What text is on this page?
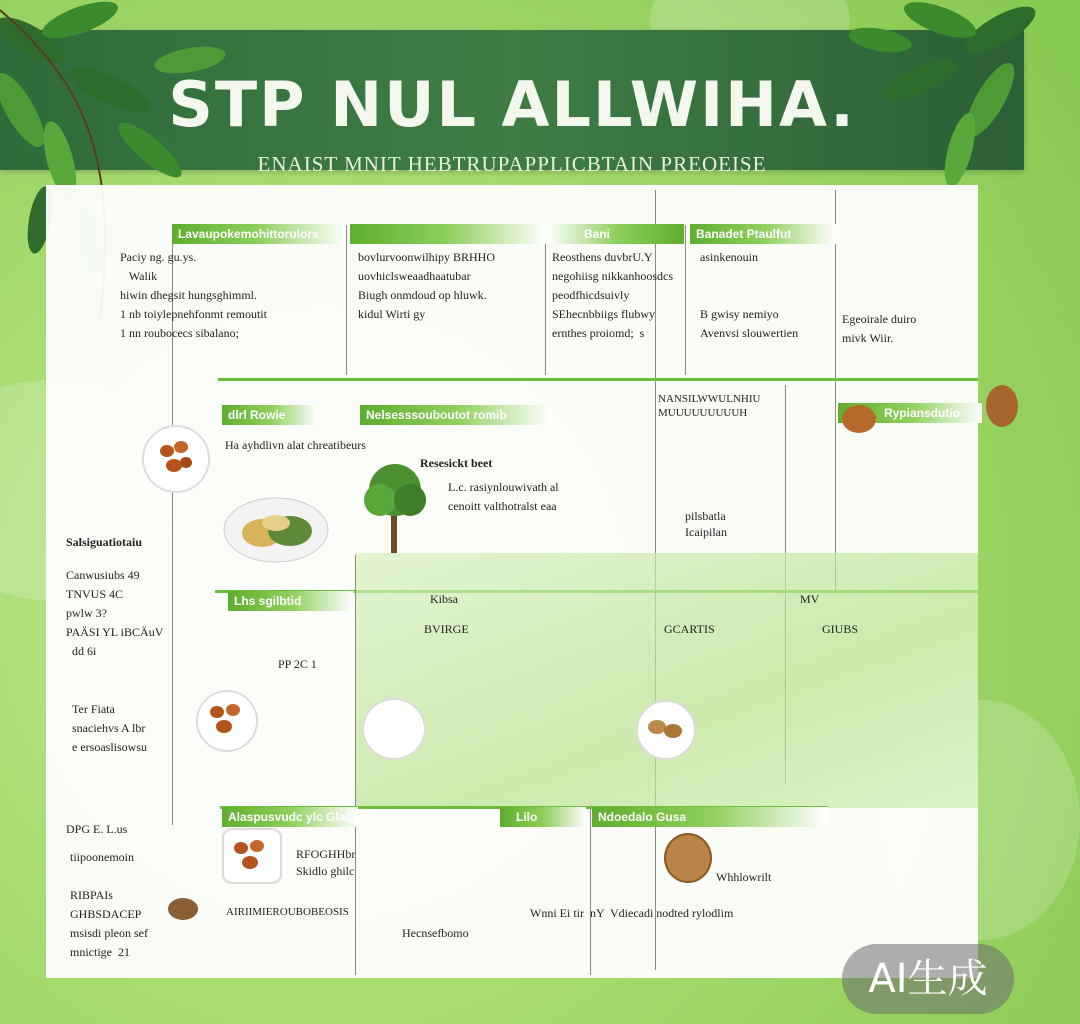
STP NUL ALLWIHA.
ENAIST MNIT HEBTRUPAPPLICBTAIN PREOEISE
Lavaupokemohittorulors
Paciy ng. gu.ys.
Walik
hiwin dhegsit hungsghimml.
1 nb toiylepnehfonmt remoutit
1 nn roubocecs sibalano;
bovlurvoonwilhipy BRHHO
uovhiclsweaadhaatubar
Biugh onmdoud op hluwk.
kidul Wirti gy
Bani
Reosthens duvbrU.Y
negohiisg nikkanhoosdcs
peodfhicdsuivly
SEhecnbbiigs flubwy
ernthes proiomd;  s
Banadet Ptaulfut
asinkenouin

B gwisy nemiyo
Avenvsi slouwertien
Egeoirale duiro
mivk Wiir.
dlrl Rowie	Nelsesssouboutot romib
Ha ayhdlivn alat chreatibeurs
Resesickt beet
L.c. rasiynlouwivath al
cenoitt valthotralst eaa
NANSILWWULNHIU
MUUUUUUUUUH
pilsbatla
Icaipilan
Rypiansdutio
Lhs sgilbtid	Kibsa	MV
BVIRGE	GCARTIS	GIUBS
PP 2C 1
Salsiguatiotaiu
Canwusiubs 49
TNVUS 4C
pwlw 3?
PAÄSI YL iBCÄuV
dd 6i
Ter Fiata
snaciehvs A lbr
e ersoaslisowsu
DPG E. L.us
tiipoonemoin

RIBPAIs
GHBSDACEP
msisdi pleon sef
mnictige  21
Alaspusvudc ylc Glaitsaic
RFOGHHbr
Skidlo ghilc
AIRIIMIEROUBOBEOSIS
Lilo	Ndoedalo Gusa
Whhlowrilt
Wnni Ei tir  nY  Vdiecadi nodted rylodlim
Hecnsefbomo
AI生成
